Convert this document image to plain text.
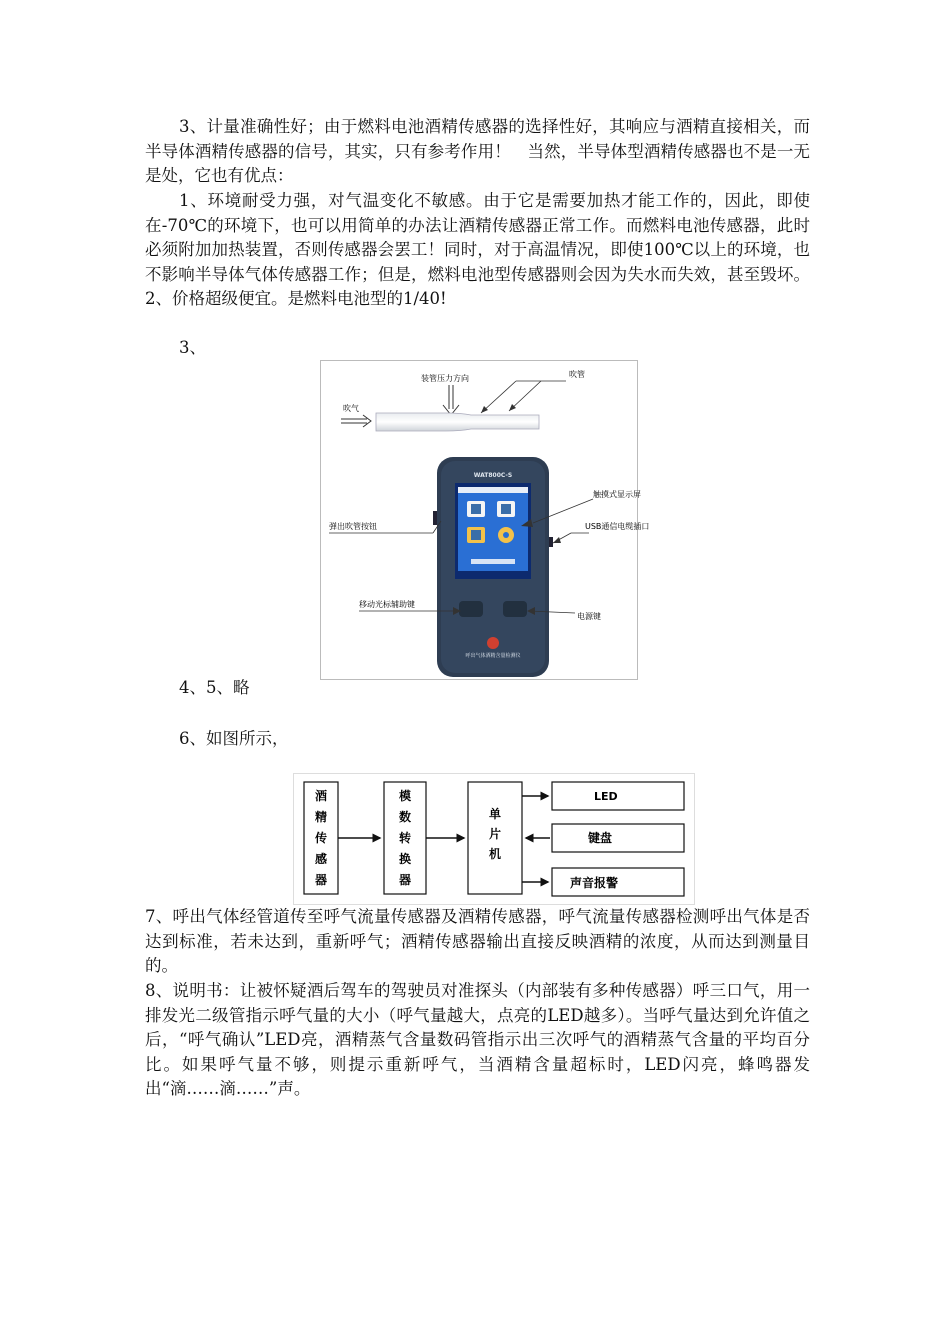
3、计量准确性好；由于燃料电池酒精传感器的选择性好，其响应与酒精直接相关，而半导体酒精传感器的信号，其实，只有参考作用！　当然，半导体型酒精传感器也不是一无是处，它也有优点：

1、环境耐受力强，对气温变化不敏感。由于它是需要加热才能工作的，因此，即使在-70℃的环境下，也可以用简单的办法让酒精传感器正常工作。而燃料电池传感器，此时必须附加加热装置，否则传感器会罢工！同时，对于高温情况，即使100℃以上的环境，也不影响半导体气体传感器工作；但是，燃料电池型传感器则会因为失水而失效，甚至毁坏。2、价格超级便宜。是燃料电池型的1/40!

3、

装管压力方向	吹管
吹气
WAT800C-S
呼出气体酒精含量检测仪
触摸式显示屏
弹出吹管按钮	USB通信电缆插口
移动光标辅助键
电源键

4、5、略

6、如图所示，

酒
精
传
感
器
模
数
转
换
器
单
片
机
LED
键盘
声音报警

7、呼出气体经管道传至呼气流量传感器及酒精传感器，呼气流量传感器检测呼出气体是否达到标准，若未达到，重新呼气；酒精传感器输出直接反映酒精的浓度，从而达到测量目的。

8、说明书：让被怀疑酒后驾车的驾驶员对准探头（内部装有多种传感器）呼三口气，用一排发光二级管指示呼气量的大小（呼气量越大，点亮的LED越多）。当呼气量达到允许值之后，“呼气确认”LED亮，酒精蒸气含量数码管指示出三次呼气的酒精蒸气含量的平均百分比。如果呼气量不够，则提示重新呼气，当酒精含量超标时，LED闪亮，蜂鸣器发出“滴……滴……”声。
